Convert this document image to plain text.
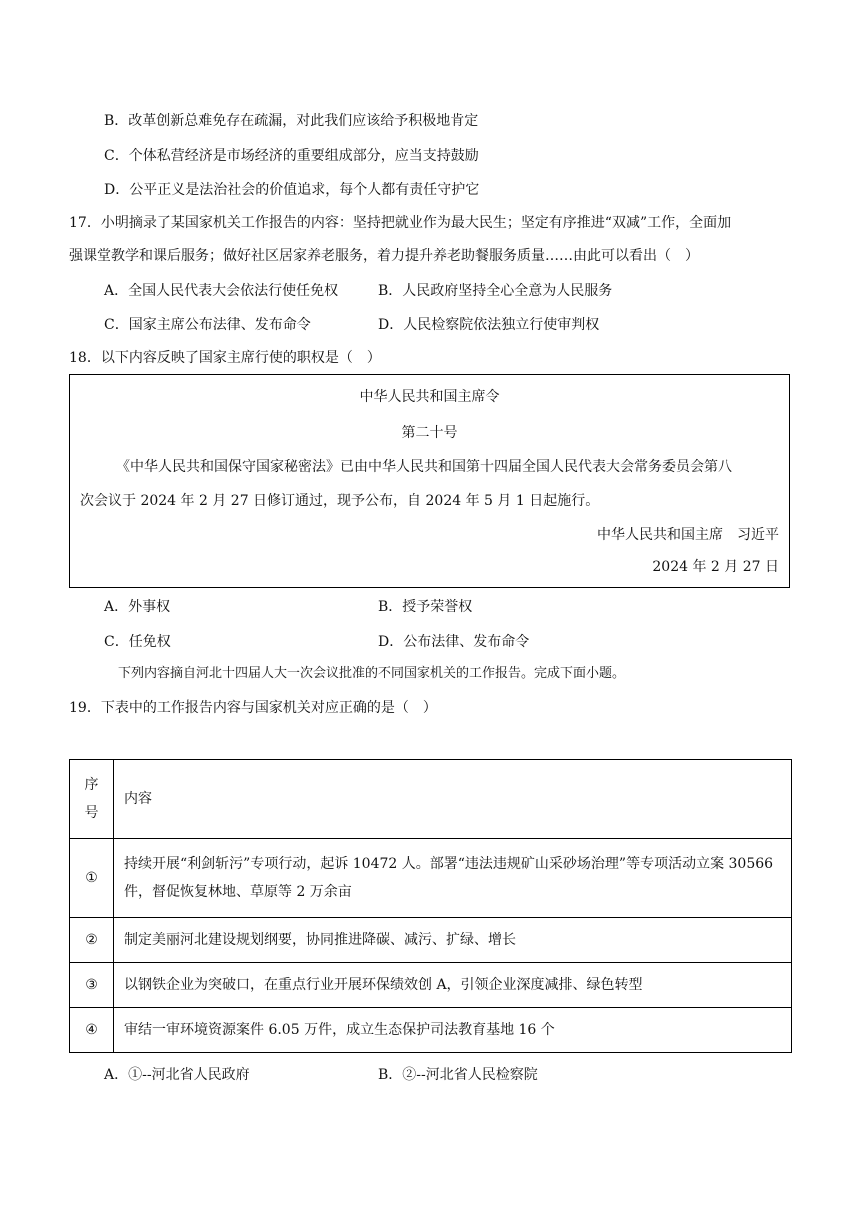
B．改革创新总难免存在疏漏，对此我们应该给予积极地肯定
C．个体私营经济是市场经济的重要组成部分，应当支持鼓励
D．公平正义是法治社会的价值追求，每个人都有责任守护它
17．小明摘录了某国家机关工作报告的内容：坚持把就业作为最大民生；坚定有序推进“双减”工作，全面加
强课堂教学和课后服务；做好社区居家养老服务，着力提升养老助餐服务质量……由此可以看出（　）
A．全国人民代表大会依法行使任免权	B．人民政府坚持全心全意为人民服务
C．国家主席公布法律、发布命令	D．人民检察院依法独立行使审判权
18．以下内容反映了国家主席行使的职权是（　）
中华人民共和国主席令
第二十号
《中华人民共和国保守国家秘密法》已由中华人民共和国第十四届全国人民代表大会常务委员会第八
次会议于 2024 年 2 月 27 日修订通过，现予公布，自 2024 年 5 月 1 日起施行。
中华人民共和国主席　习近平
2024 年 2 月 27 日
A．外事权	B．授予荣誉权
C．任免权	D．公布法律、发布命令
下列内容摘自河北十四届人大一次会议批准的不同国家机关的工作报告。完成下面小题。
19．下表中的工作报告内容与国家机关对应正确的是（　）
序
号	内容
①	持续开展“利剑斩污”专项行动，起诉 10472 人。部署“违法违规矿山采砂场治理”等专项活动立案 30566
件，督促恢复林地、草原等 2 万余亩

②	制定美丽河北建设规划纲要，协同推进降碳、减污、扩绿、增长
③	以钢铁企业为突破口，在重点行业开展环保绩效创 A，引领企业深度减排、绿色转型
④	审结一审环境资源案件 6.05 万件，成立生态保护司法教育基地 16 个
A．①--河北省人民政府	B．②--河北省人民检察院
